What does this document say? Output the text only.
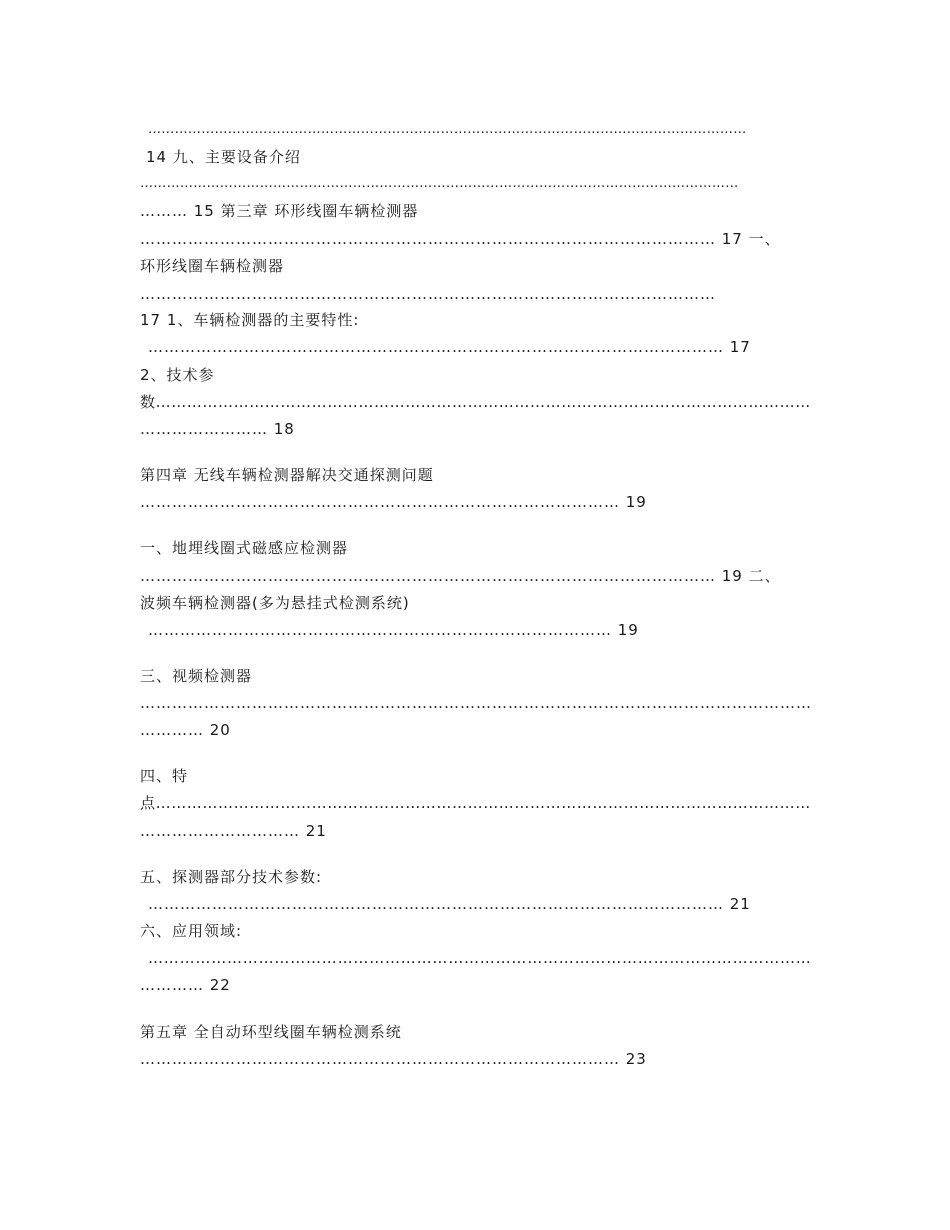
………………………………………………………………………………………………………………………

14 九、主要设备介绍

………………………………………………………………………………………………………………………

……… 15 第三章 环形线圈车辆检测器

……………………………………………………………………………………………… 17 一、

环形线圈车辆检测器

………………………………………………………………………………………………

17 1、车辆检测器的主要特性:

……………………………………………………………………………………………… 17

2、技术参

数………………………………………………………………………………………………………………

…………………… 18

第四章 无线车辆检测器解决交通探测问题

……………………………………………………………………………… 19

一、地埋线圈式磁感应检测器

……………………………………………………………………………………………… 19 二、

波频车辆检测器(多为悬挂式检测系统)

…………………………………………………………………………… 19

三、视频检测器

………………………………………………………………………………………………………………

………… 20

四、特

点………………………………………………………………………………………………………………

………………………… 21

五、探测器部分技术参数:

……………………………………………………………………………………………… 21

六、应用领域:

………………………………………………………………………………………………………………

………… 22

第五章 全自动环型线圈车辆检测系统

……………………………………………………………………………… 23
